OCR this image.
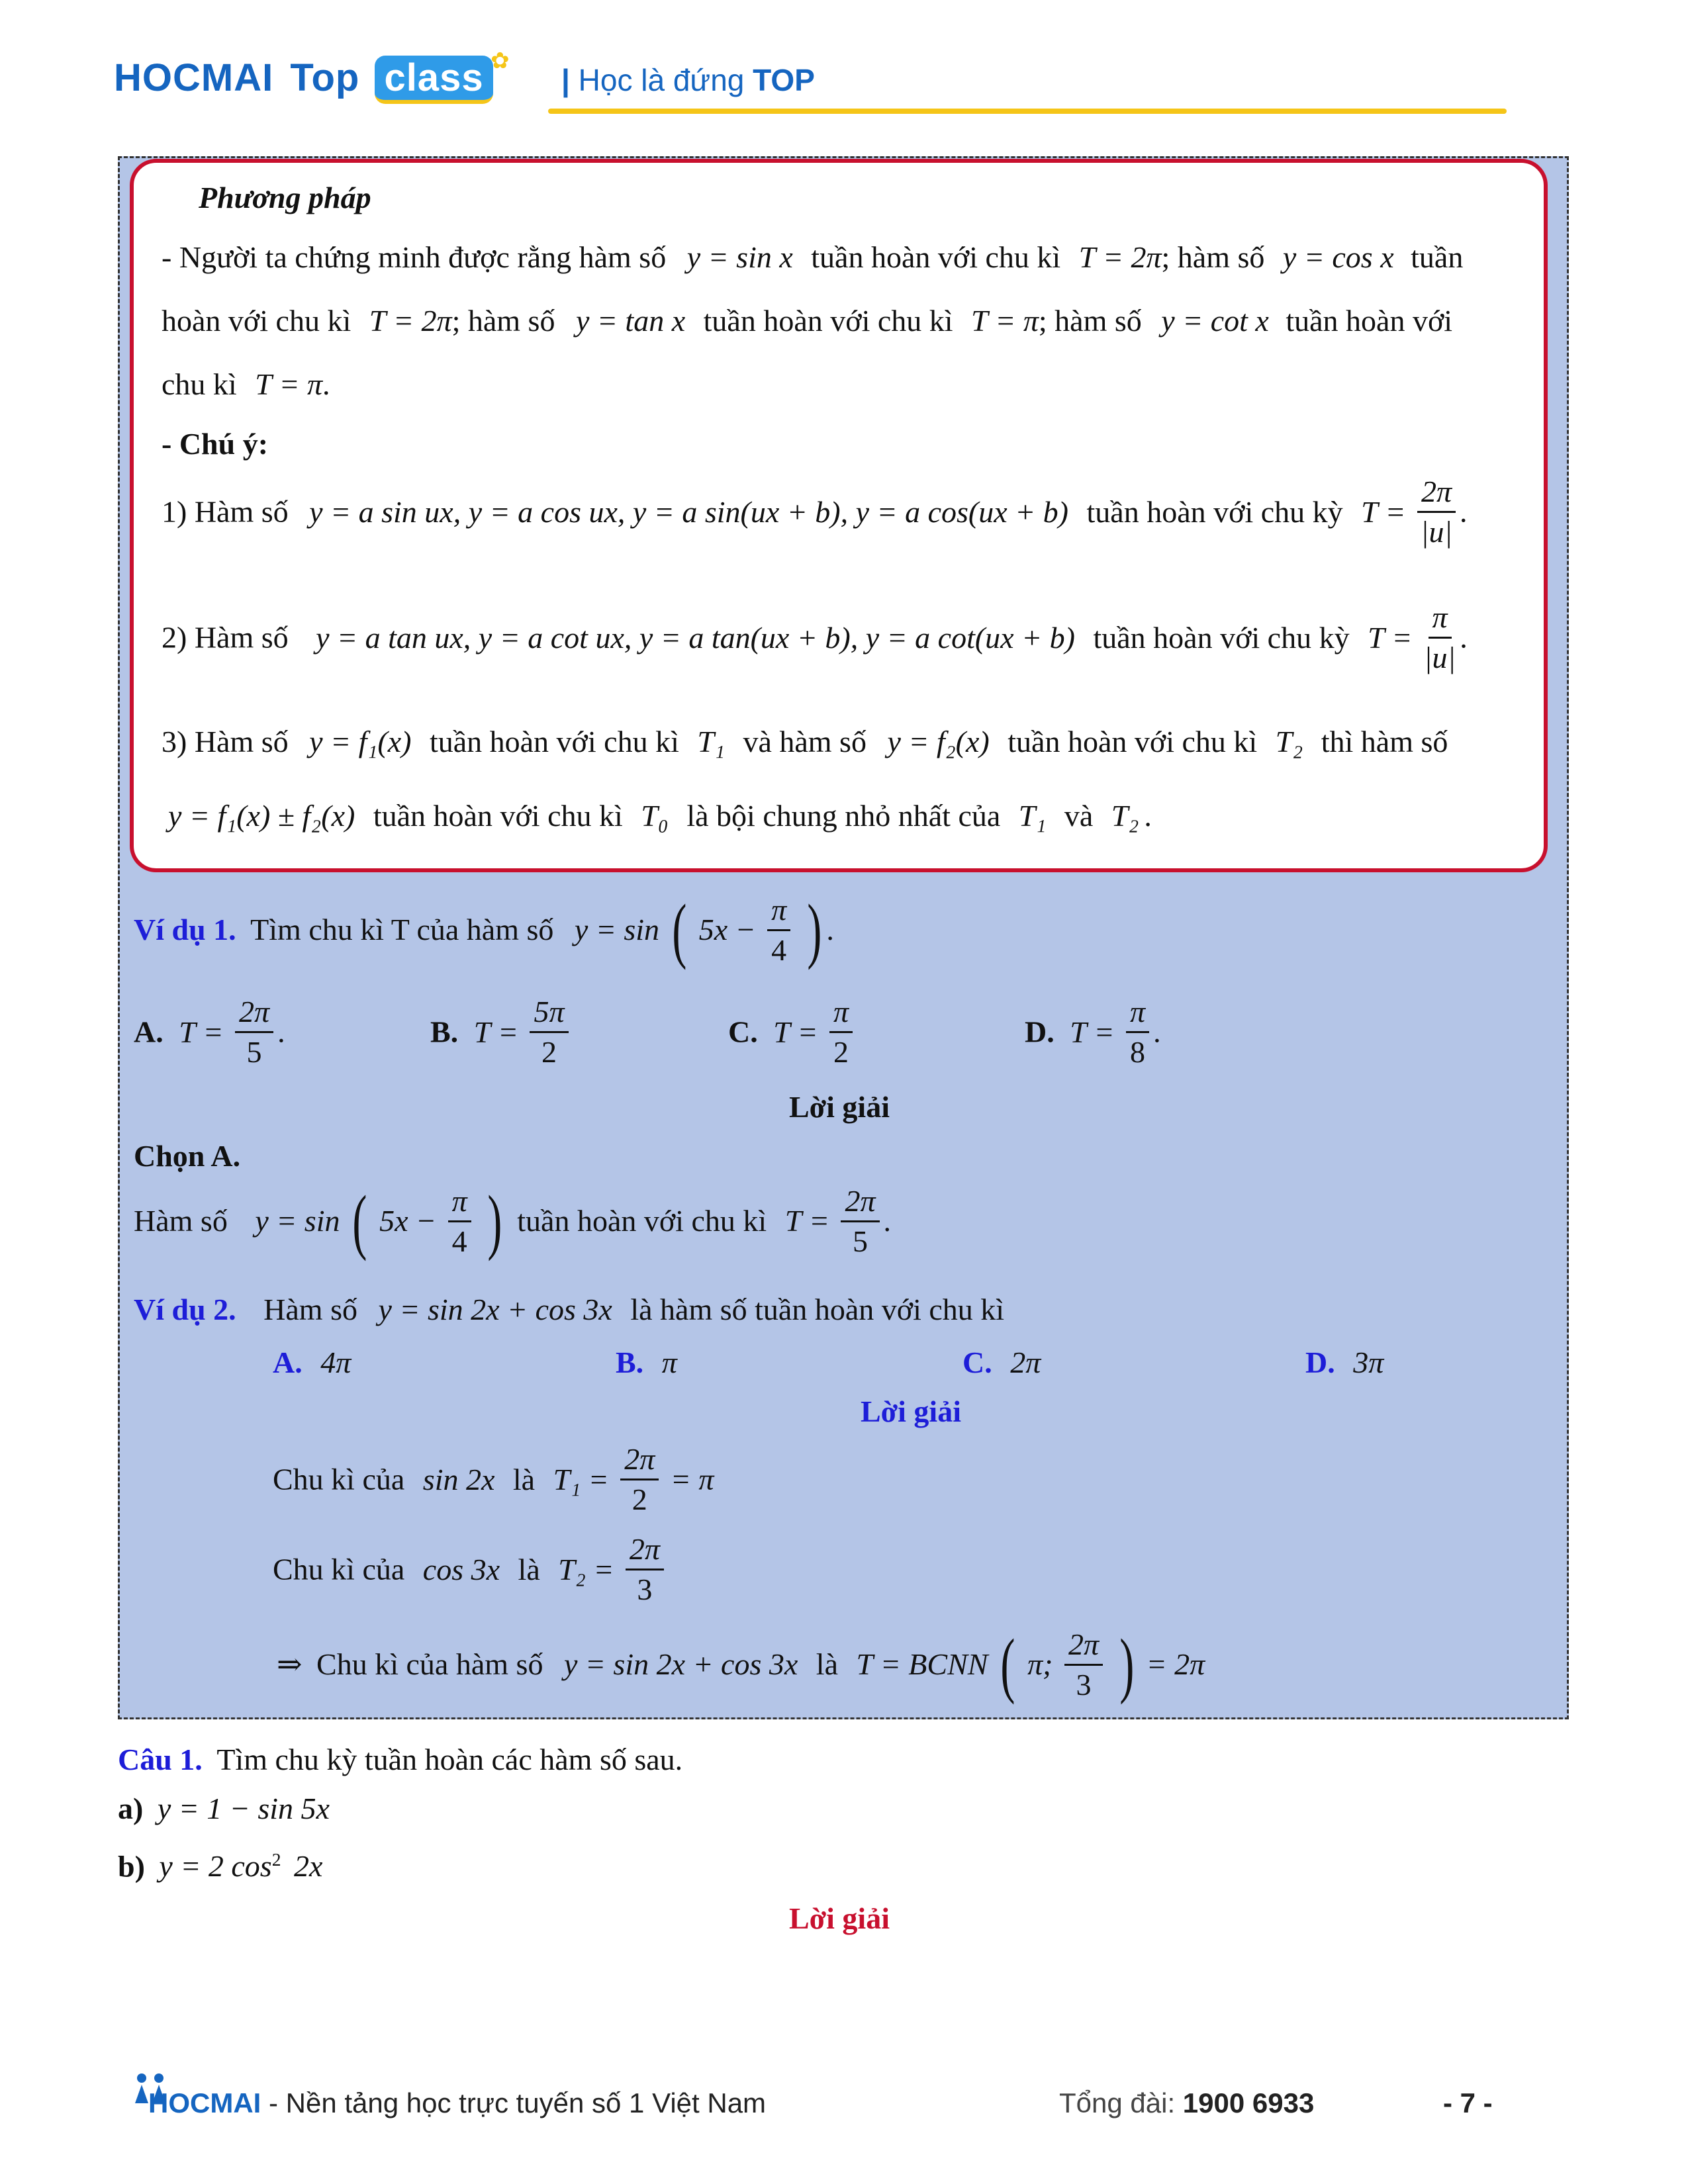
HOCMAI Top class ✿
| Học là đứng TOP
Phương pháp
- Người ta chứng minh được rằng hàm số y = sin x tuần hoàn với chu kì T = 2π; hàm số y = cos x tuần
hoàn với chu kì T = 2π; hàm số y = tan x tuần hoàn với chu kì T = π; hàm số y = cot x tuần hoàn với
chu kì T = π.
- Chú ý:
1) Hàm số y = a sin ux, y = a cos ux, y = a sin(ux + b), y = a cos(ux + b) tuần hoàn với chu kỳ $T = \frac{2\pi}{|u|}$ .
2) Hàm số y = a tan ux, y = a cot ux, y = a tan(ux + b), y = a cot(ux + b) tuần hoàn với chu kỳ $T = \frac{\pi}{|u|}$ .
3) Hàm số y = f₁(x) tuần hoàn với chu kì T₁ và hàm số y = f₂(x) tuần hoàn với chu kì T₂ thì hàm số
y = f₁(x) ± f₂(x) tuần hoàn với chu kì T₀ là bội chung nhỏ nhất của T₁ và T₂ .
Ví dụ 1. Tìm chu kì T của hàm số y = sin ( $5x - \frac{\pi}{4}$ ) .
A. $T = \frac{2\pi}{5}$ .	B. $T = \frac{5\pi}{2}$	C. $T = \frac{\pi}{2}$	D. $T = \frac{\pi}{8}$ .
Lời giải
Chọn A.
Hàm số y = sin ( $5x - \frac{\pi}{4}$ ) tuần hoàn với chu kì $T = \frac{2\pi}{5}$ .
Ví dụ 2. Hàm số y = sin 2x + cos 3x là hàm số tuần hoàn với chu kì
A. 4π	B. π	C. 2π	D. 3π
Lời giải
Chu kì của sin 2x là $T_1 = \frac{2\pi}{2} = \pi$
Chu kì của cos 3x là $T_2 = \frac{2\pi}{3}$
⇒ Chu kì của hàm số y = sin 2x + cos 3x là T = BCNN ( π; $\frac{2\pi}{3}$ ) = 2π
Câu 1. Tìm chu kỳ tuần hoàn các hàm số sau.
a) y = 1 − sin 5x
b) y = 2 $\cos^2 2x$
Lời giải
HOCMAI - Nền tảng học trực tuyến số 1 Việt Nam	Tổng đài: 1900 6933	- 7 -
